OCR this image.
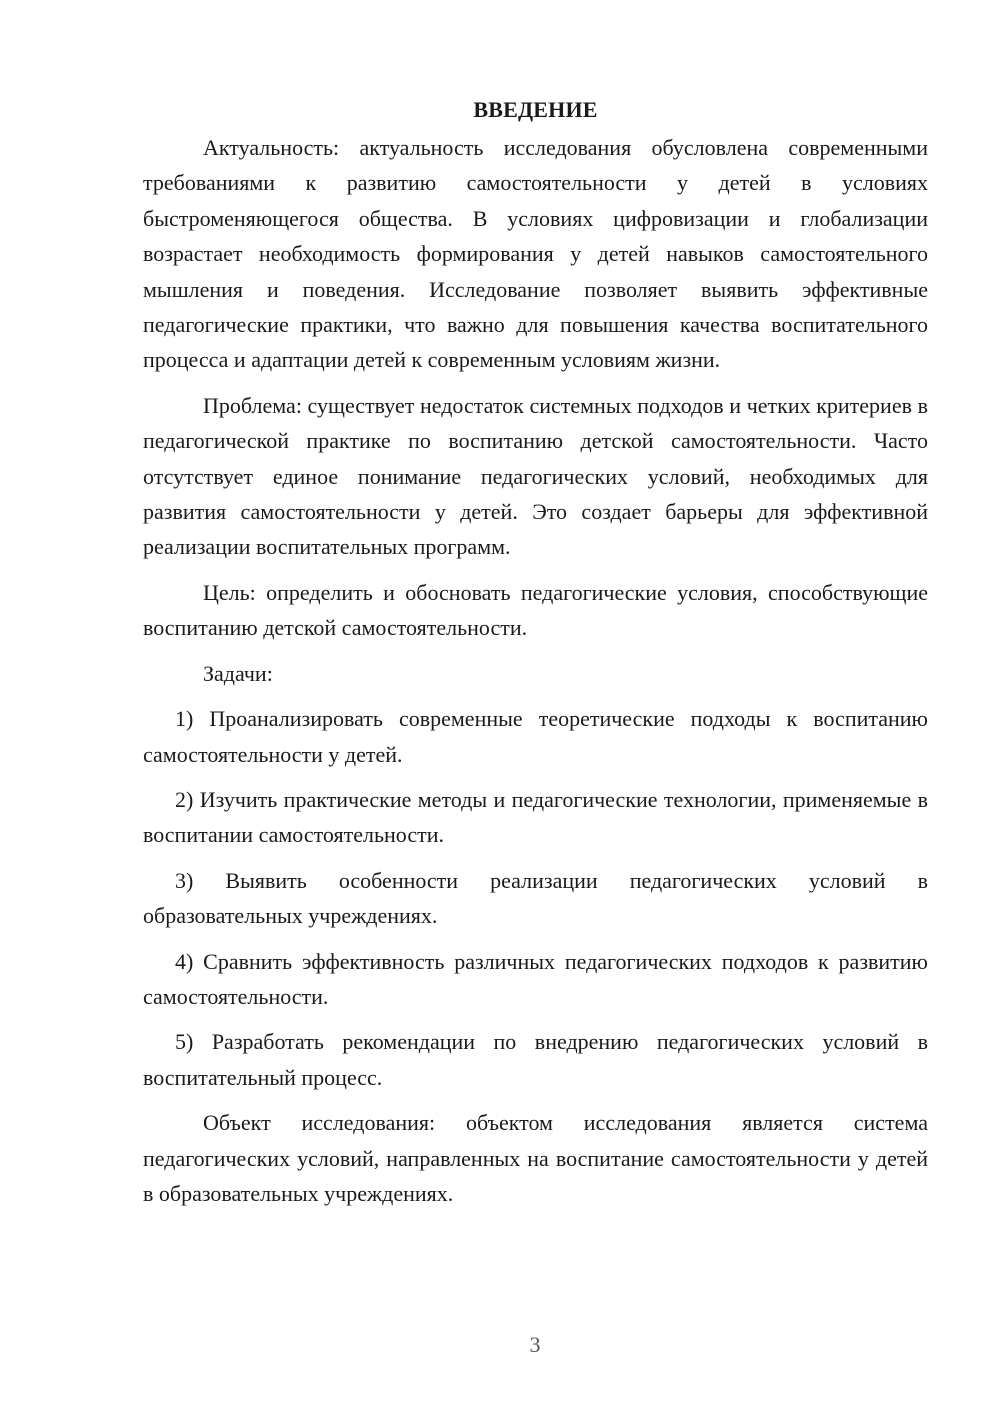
ВВЕДЕНИЕ

Актуальность: актуальность исследования обусловлена современными требованиями к развитию самостоятельности у детей в условиях быстроменяющегося общества. В условиях цифровизации и глобализации возрастает необходимость формирования у детей навыков самостоятельного мышления и поведения. Исследование позволяет выявить эффективные педагогические практики, что важно для повышения качества воспитательного процесса и адаптации детей к современным условиям жизни.

Проблема: существует недостаток системных подходов и четких критериев в педагогической практике по воспитанию детской самостоятельности. Часто отсутствует единое понимание педагогических условий, необходимых для развития самостоятельности у детей. Это создает барьеры для эффективной реализации воспитательных программ.

Цель: определить и обосновать педагогические условия, способствующие воспитанию детской самостоятельности.

Задачи:

1) Проанализировать современные теоретические подходы к воспитанию самостоятельности у детей.

2) Изучить практические методы и педагогические технологии, применяемые в воспитании самостоятельности.

3) Выявить особенности реализации педагогических условий в образовательных учреждениях.

4) Сравнить эффективность различных педагогических подходов к развитию самостоятельности.

5) Разработать рекомендации по внедрению педагогических условий в воспитательный процесс.

Объект исследования: объектом исследования является система педагогических условий, направленных на воспитание самостоятельности у детей в образовательных учреждениях.

3
